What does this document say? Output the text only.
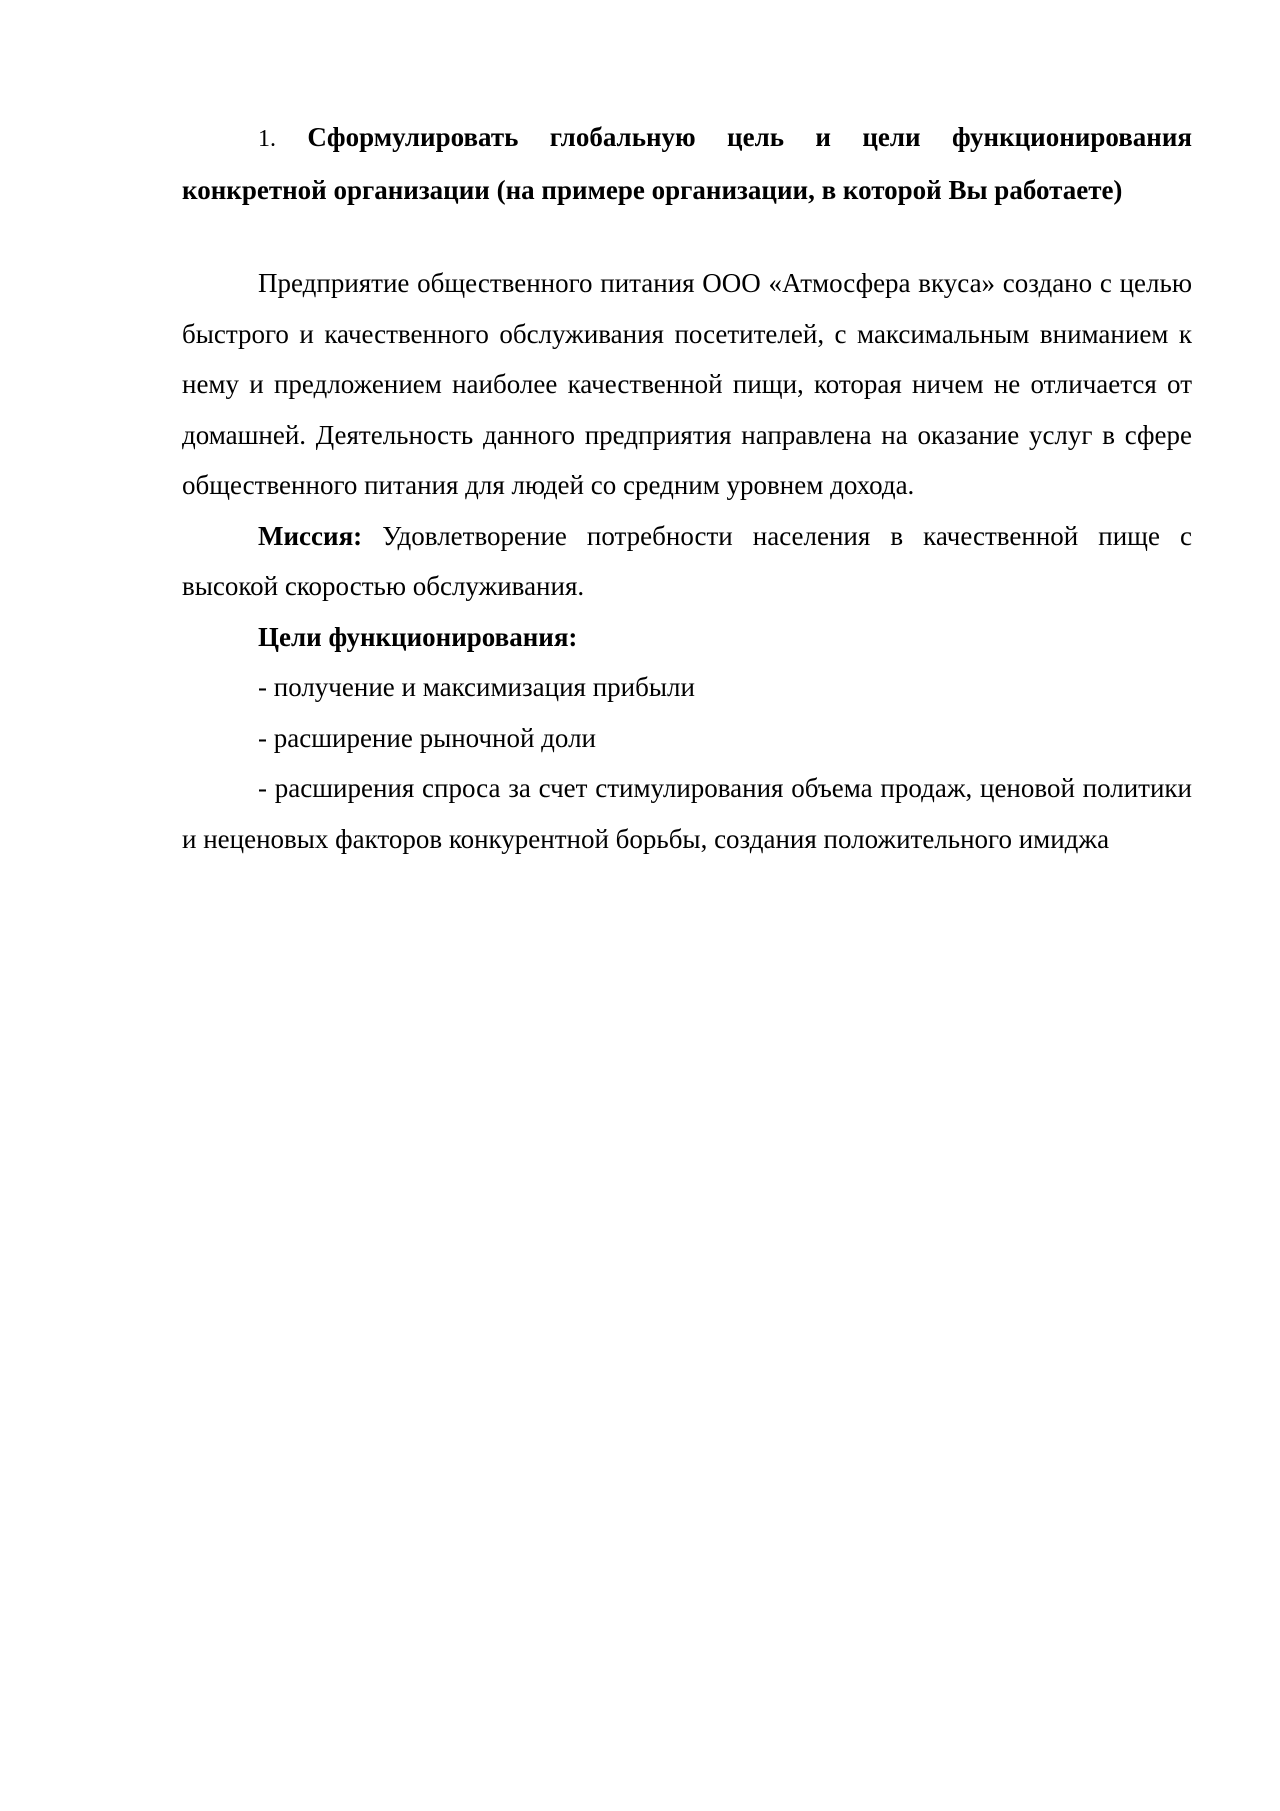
1. Сформулировать глобальную цель и цели функционирования конкретной организации (на примере организации, в которой Вы работаете)

Предприятие общественного питания ООО «Атмосфера вкуса» создано с целью быстрого и качественного обслуживания посетителей, с максимальным вниманием к нему и предложением наиболее качественной пищи, которая ничем не отличается от домашней. Деятельность данного предприятия направлена на оказание услуг в сфере общественного питания для людей со средним уровнем дохода.

Миссия: Удовлетворение потребности населения в качественной пище с высокой скоростью обслуживания.

Цели функционирования:

- получение и максимизация прибыли

- расширение рыночной доли

- расширения спроса за счет стимулирования объема продаж, ценовой политики и неценовых факторов конкурентной борьбы, создания положительного имиджа
